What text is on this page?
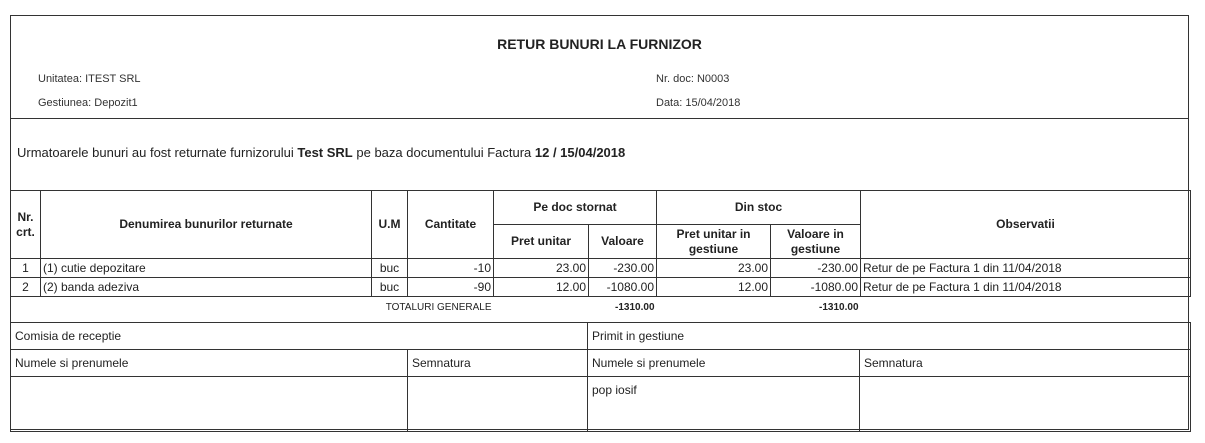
RETUR BUNURI LA FURNIZOR
Unitatea: ITEST SRL
Gestiunea: Depozit1
Nr. doc: N0003
Data: 15/04/2018

Urmatoarele bunuri au fost returnate furnizorului Test SRL pe baza documentului Factura 12 / 15/04/2018

Nr. crt.	Denumirea bunurilor returnate	U.M	Cantitate	Pe doc stornat		Din stoc		Observatii
				Pret unitar	Valoare	Pret unitar in gestiune	Valoare in gestiune	
1	(1) cutie depozitare	buc	-10	23.00	-230.00	23.00	-230.00	Retur de pe Factura 1 din 11/04/2018
2	(2) banda adeziva	buc	-90	12.00	-1080.00	12.00	-1080.00	Retur de pe Factura 1 din 11/04/2018
TOTALURI GENERALE					-1310.00		-1310.00	
Comisia de receptie		Primit in gestiune	
Numele si prenumele	Semnatura	Numele si prenumele	Semnatura
		pop iosif	
